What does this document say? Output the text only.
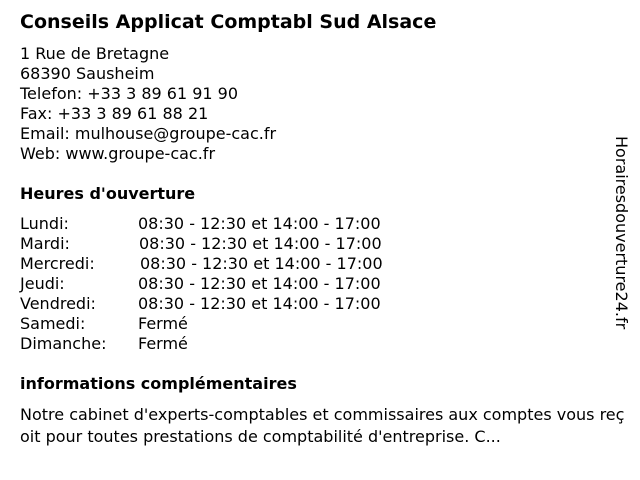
Conseils Applicat Comptabl Sud Alsace
1 Rue de Bretagne
68390 Sausheim
Telefon: +33 3 89 61 91 90
Fax: +33 3 89 61 88 21
Email: mulhouse@groupe-cac.fr
Web: www.groupe-cac.fr
Heures d'ouverture
Lundi:	08:30 - 12:30 et 14:00 - 17:00
Mardi:	08:30 - 12:30 et 14:00 - 17:00
Mercredi:	08:30 - 12:30 et 14:00 - 17:00
Jeudi:	08:30 - 12:30 et 14:00 - 17:00
Vendredi:	08:30 - 12:30 et 14:00 - 17:00
Samedi:	Fermé
Dimanche: Fermé
informations complémentaires
Notre cabinet d'experts-comptables et commissaires aux comptes vous reçoit pour toutes prestations de comptabilité d'entreprise. C...
Horairesdouverture24.fr
